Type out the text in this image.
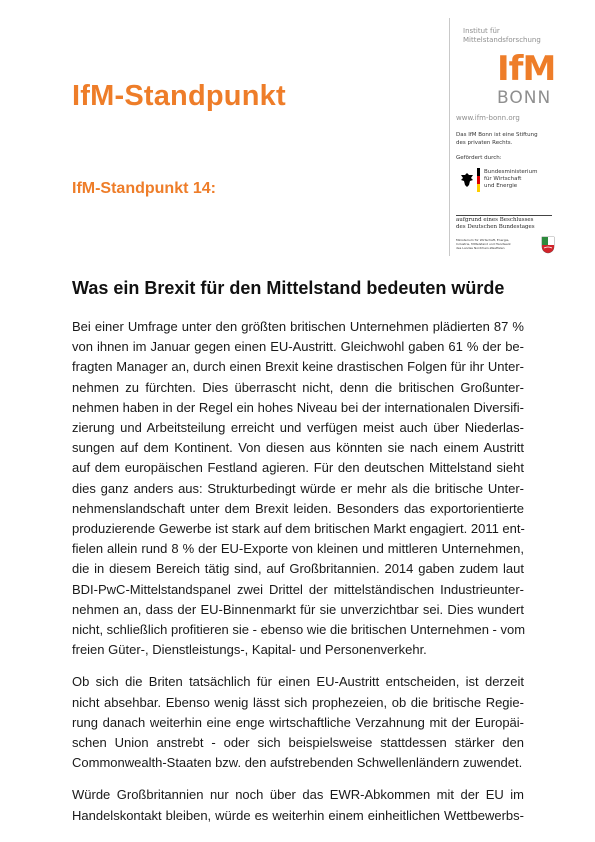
IfM-Standpunkt
IfM-Standpunkt 14:
Institut für
Mittelstandsforschung
IfM
BONN
www.ifm-bonn.org
Das IfM Bonn ist eine Stiftung
des privaten Rechts.
Gefördert durch:
Bundesministerium
für Wirtschaft
und Energie
aufgrund eines Beschlusses
des Deutschen Bundestages
Ministerium für Wirtschaft, Energie,
Industrie, Mittelstand und Handwerk
des Landes Nordrhein-Westfalen
Was ein Brexit für den Mittelstand bedeuten würde
Bei einer Umfrage unter den größten britischen Unternehmen plädierten 87 %
von ihnen im Januar gegen einen EU-Austritt. Gleichwohl gaben 61 % der be-
fragten Manager an, durch einen Brexit keine drastischen Folgen für ihr Unter-
nehmen zu fürchten. Dies überrascht nicht, denn die britischen Großunter-
nehmen haben in der Regel ein hohes Niveau bei der internationalen Diversifi-
zierung und Arbeitsteilung erreicht und verfügen meist auch über Niederlas-
sungen auf dem Kontinent. Von diesen aus könnten sie nach einem Austritt
auf dem europäischen Festland agieren. Für den deutschen Mittelstand sieht
dies ganz anders aus: Strukturbedingt würde er mehr als die britische Unter-
nehmenslandschaft unter dem Brexit leiden. Besonders das exportorientierte
produzierende Gewerbe ist stark auf dem britischen Markt engagiert. 2011 ent-
fielen allein rund 8 % der EU-Exporte von kleinen und mittleren Unternehmen,
die in diesem Bereich tätig sind, auf Großbritannien. 2014 gaben zudem laut
BDI-PwC-Mittelstandspanel zwei Drittel der mittelständischen Industrieunter-
nehmen an, dass der EU-Binnenmarkt für sie unverzichtbar sei. Dies wundert
nicht, schließlich profitieren sie - ebenso wie die britischen Unternehmen - vom
freien Güter-, Dienstleistungs-, Kapital- und Personenverkehr.
Ob sich die Briten tatsächlich für einen EU-Austritt entscheiden, ist derzeit
nicht absehbar. Ebenso wenig lässt sich prophezeien, ob die britische Regie-
rung danach weiterhin eine enge wirtschaftliche Verzahnung mit der Europäi-
schen Union anstrebt - oder sich beispielsweise stattdessen stärker den
Commonwealth-Staaten bzw. den aufstrebenden Schwellenländern zuwendet.
Würde Großbritannien nur noch über das EWR-Abkommen mit der EU im
Handelskontakt bleiben, würde es weiterhin einem einheitlichen Wettbewerbs-
